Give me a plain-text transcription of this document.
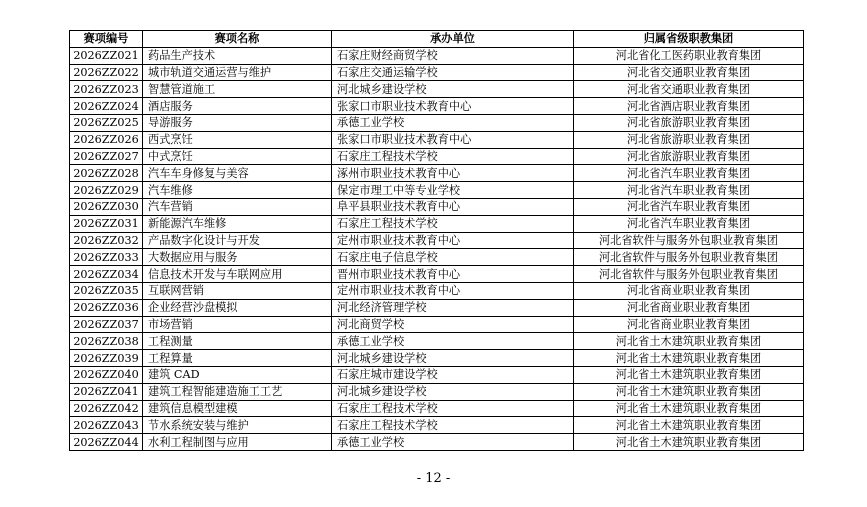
赛项编号	赛项名称	承办单位	归属省级职教集团
2026ZZ021	药品生产技术	石家庄财经商贸学校	河北省化工医药职业教育集团
2026ZZ022	城市轨道交通运营与维护	石家庄交通运输学校	河北省交通职业教育集团
2026ZZ023	智慧管道施工	河北城乡建设学校	河北省交通职业教育集团
2026ZZ024	酒店服务	张家口市职业技术教育中心	河北省酒店职业教育集团
2026ZZ025	导游服务	承德工业学校	河北省旅游职业教育集团
2026ZZ026	西式烹饪	张家口市职业技术教育中心	河北省旅游职业教育集团
2026ZZ027	中式烹饪	石家庄工程技术学校	河北省旅游职业教育集团
2026ZZ028	汽车车身修复与美容	涿州市职业技术教育中心	河北省汽车职业教育集团
2026ZZ029	汽车维修	保定市理工中等专业学校	河北省汽车职业教育集团
2026ZZ030	汽车营销	阜平县职业技术教育中心	河北省汽车职业教育集团
2026ZZ031	新能源汽车维修	石家庄工程技术学校	河北省汽车职业教育集团
2026ZZ032	产品数字化设计与开发	定州市职业技术教育中心	河北省软件与服务外包职业教育集团
2026ZZ033	大数据应用与服务	石家庄电子信息学校	河北省软件与服务外包职业教育集团
2026ZZ034	信息技术开发与车联网应用	晋州市职业技术教育中心	河北省软件与服务外包职业教育集团
2026ZZ035	互联网营销	定州市职业技术教育中心	河北省商业职业教育集团
2026ZZ036	企业经营沙盘模拟	河北经济管理学校	河北省商业职业教育集团
2026ZZ037	市场营销	河北商贸学校	河北省商业职业教育集团
2026ZZ038	工程测量	承德工业学校	河北省土木建筑职业教育集团
2026ZZ039	工程算量	河北城乡建设学校	河北省土木建筑职业教育集团
2026ZZ040	建筑 CAD	石家庄城市建设学校	河北省土木建筑职业教育集团
2026ZZ041	建筑工程智能建造施工工艺	河北城乡建设学校	河北省土木建筑职业教育集团
2026ZZ042	建筑信息模型建模	石家庄工程技术学校	河北省土木建筑职业教育集团
2026ZZ043	节水系统安装与维护	石家庄工程技术学校	河北省土木建筑职业教育集团
2026ZZ044	水利工程制图与应用	承德工业学校	河北省土木建筑职业教育集团
- 12 -
